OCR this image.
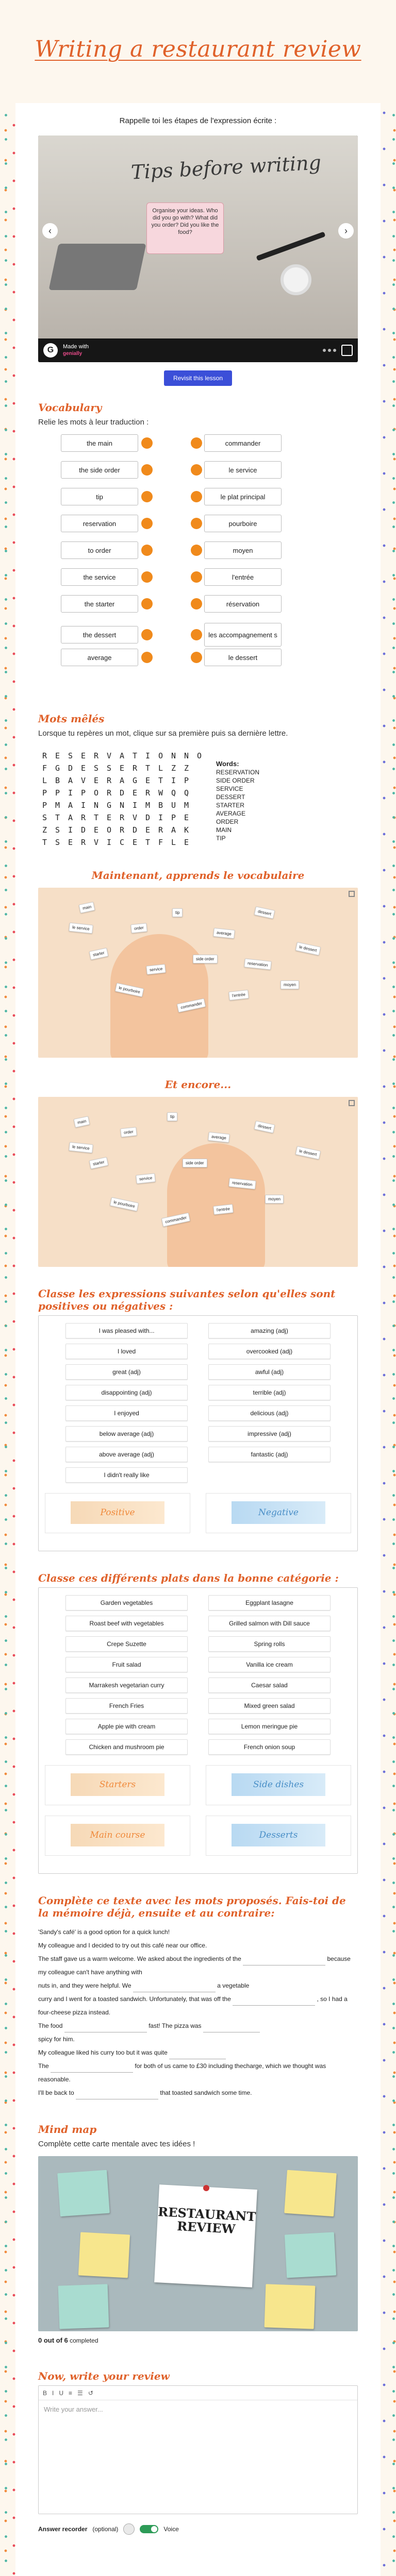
Writing a restaurant review
Rappelle toi les étapes de l'expression écrite :
Tips before writing
Organise your ideas. Who did you go with? What did you order? Did you like the food?
‹	›
G	Made with
genially
Revisit this lesson
Vocabulary

Relie les mots à leur traduction :

the main
the side order
tip
reservation
to order
the service
the starter
the dessert
average
commander
le service
le plat principal
pourboire
moyen
l'entrée
réservation
les accompagnement s
le dessert
Mots mêlés

Lorsque tu repères un mot, clique sur sa première puis sa dernière lettre.

R	E	S	E	R	V	A	T	I	O	N	N	O
F	G	D	E	S	S	E	R	T	L	Z	Z
L	B	A	V	E	R	A	G	E	T	I	P
P	P	I	P	O	R	D	E	R	W	Q	Q
P	M	A	I	N	G	N	I	M	B	U	M
S	T	A	R	T	E	R	V	D	I	P	E
Z	S	I	D	E	O	R	D	E	R	A	K
T	S	E	R	V	I	C	E	T	F	L	E
Words:
RESERVATION
SIDE ORDER
SERVICE
DESSERT
STARTER
AVERAGE
ORDER
MAIN
TIP
Maintenant, apprends le vocabulaire
main
order
tip
average
dessert
starter
service
side order
reservation
le pourboire
commander
l'entrée
moyen
le service
le dessert
Et encore...
main
order
tip
average
dessert
starter
service
side order
reservation
le pourboire
commander
l'entrée
moyen
le service
le dessert
Classe les expressions suivantes selon qu'elles sont positives ou négatives :
I was pleased with...	amazing (adj)
I loved	overcooked (adj)
great (adj)	awful (adj)
disappointing (adj)	terrible (adj)
I enjoyed	delicious (adj)
below average (adj)	impressive (adj)
above average (adj)	fantastic (adj)
I didn't really like
Positive	Negative
Classe ces différents plats dans la bonne catégorie :
Garden vegetables	Eggplant lasagne
Roast beef with vegetables	Grilled salmon with Dill sauce
Crepe Suzette	Spring rolls
Fruit salad	Vanilla ice cream
Marrakesh vegetarian curry	Caesar salad
French Fries	Mixed green salad
Apple pie with cream	Lemon meringue pie
Chicken and mushroom pie	French onion soup
Starters	Side dishes
Main course	Desserts
Complète ce texte avec les mots proposés. Fais-toi de la mémoire déjà, ensuite et au contraire:
'Sandy's café' is a good option for a quick lunch!
My colleague and I decided to try out this café near our office.
The staff gave us a warm welcome. We asked about the ingredients of the	because my colleague can't have anything with
nuts in, and they were helpful. We	a vegetable
curry and I went for a toasted sandwich. Unfortunately, that was off the	, so I had a four-cheese pizza instead.
The food	fast! The pizza was
spicy for him.
My colleague liked his curry too but it was quite
The	for both of us came to £30 including thecharge, which we thought was reasonable.
I'll be back to	that toasted sandwich some time.
Mind map

Complète cette carte mentale avec tes idées !

RESTAURANT REVIEW
0 out of 6 completed
Now, write your review
B I U ≡ ☰ ↺
Write your answer...
Answer recorder (optional)	Voice
